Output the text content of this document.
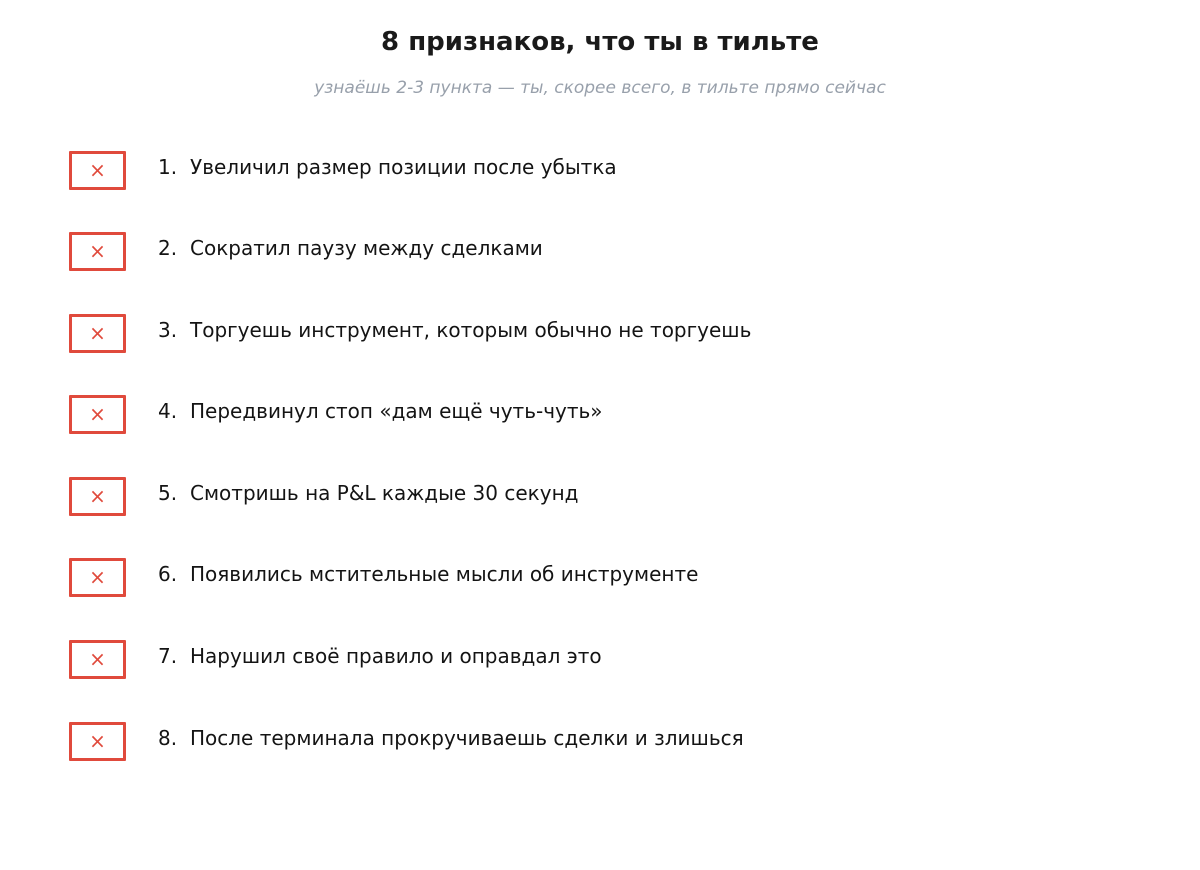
8 признаков, что ты в тильте
узнаёшь 2-3 пункта — ты, скорее всего, в тильте прямо сейчас
×	1. Увеличил размер позиции после убытка
×	2. Сократил паузу между сделками
×	3. Торгуешь инструмент, которым обычно не торгуешь
×	4. Передвинул стоп «дам ещё чуть-чуть»
×	5. Смотришь на P&L каждые 30 секунд
×	6. Появились мстительные мысли об инструменте
×	7. Нарушил своё правило и оправдал это
×	8. После терминала прокручиваешь сделки и злишься
